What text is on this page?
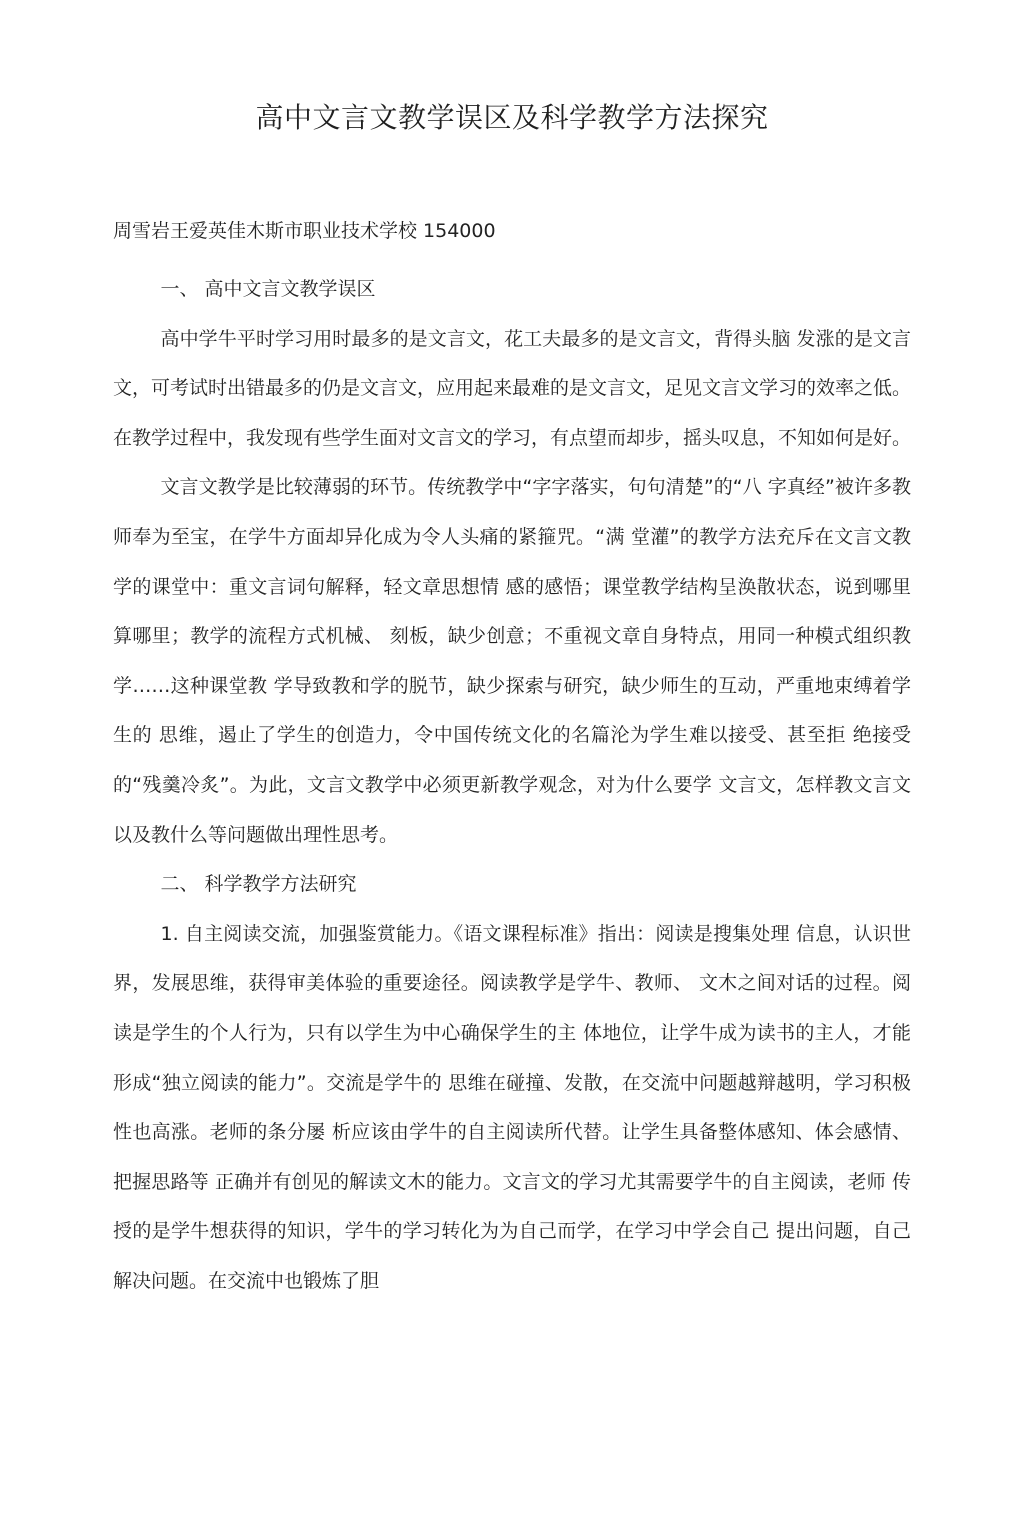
高中文言文教学误区及科学教学方法探究
周雪岩王爱英佳木斯市职业技术学校 154000

一、 高中文言文教学误区

高中学牛平时学习用时最多的是文言文，花工夫最多的是文言文，背得头脑 发涨的是文言文，可考试时出错最多的仍是文言文，应用起来最难的是文言文，足见文言文学习的效率之低。在教学过程中，我发现有些学生面对文言文的学习，有点望而却步，摇头叹息，不知如何是好。

文言文教学是比较薄弱的环节。传统教学中“字字落实，句句清楚”的“八 字真经”被许多教师奉为至宝，在学牛方面却异化成为令人头痛的紧箍咒。“满 堂灌”的教学方法充斥在文言文教学的课堂中：重文言词句解释，轻文章思想情 感的感悟；课堂教学结构呈涣散状态，说到哪里算哪里；教学的流程方式机械、 刻板，缺少创意；不重视文章自身特点，用同一种模式组织教学……这种课堂教 学导致教和学的脱节，缺少探索与研究，缺少师生的互动，严重地束缚着学生的 思维，遏止了学生的创造力，令中国传统文化的名篇沦为学生难以接受、甚至拒 绝接受的“残羹冷炙”。为此，文言文教学中必须更新教学观念，对为什么要学 文言文，怎样教文言文以及教什么等问题做出理性思考。

二、 科学教学方法研究

1. 自主阅读交流，加强鉴赏能力。《语文课程标准》指出：阅读是搜集处理 信息，认识世界，发展思维，获得审美体验的重要途径。阅读教学是学牛、教师、 文木之间对话的过程。阅读是学生的个人行为，只有以学生为中心确保学生的主 体地位，让学牛成为读书的主人，才能形成“独立阅读的能力”。交流是学牛的 思维在碰撞、发散，在交流中问题越辩越明，学习积极性也高涨。老师的条分屡 析应该由学牛的自主阅读所代替。让学生具备整体感知、体会感情、把握思路等 正确并有创见的解读文木的能力。文言文的学习尤其需要学牛的自主阅读，老师 传授的是学牛想获得的知识，学牛的学习转化为为自己而学，在学习中学会自己 提出问题，自己解决问题。在交流中也锻炼了胆
